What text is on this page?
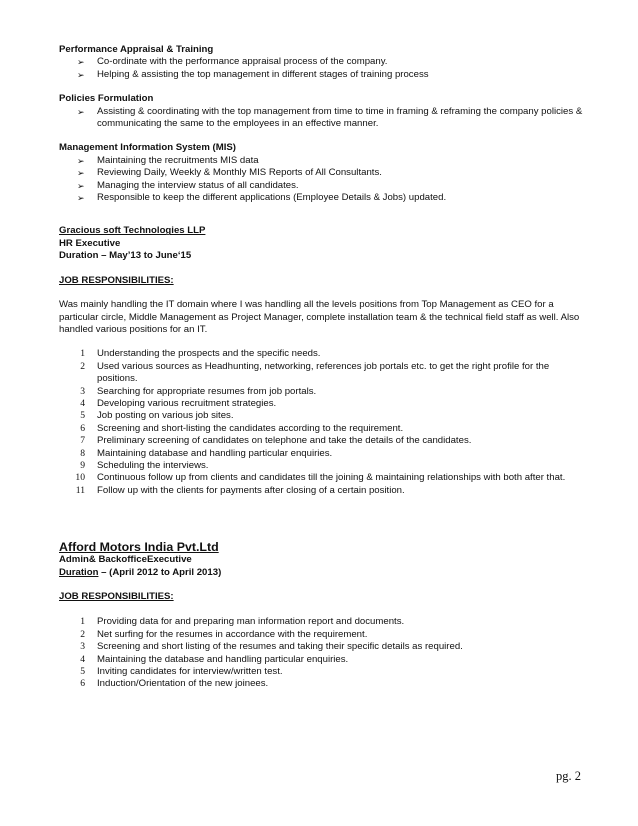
Performance Appraisal & Training
➢ Co-ordinate with the performance appraisal process of the company.
➢ Helping & assisting the top management in different stages of training process
Policies Formulation
➢ Assisting & coordinating with the top management from time to time in framing & reframing the company policies & communicating the same to the employees in an effective manner.
Management Information System (MIS)
➢ Maintaining the recruitments MIS data
➢ Reviewing Daily, Weekly & Monthly MIS Reports of All Consultants.
➢ Managing the interview status of all candidates.
➢ Responsible to keep the different applications (Employee Details & Jobs) updated.
Gracious soft Technologies LLP
HR Executive
Duration – May’13 to June‘15
JOB RESPONSIBILITIES:

Was mainly handling the IT domain where I was handling all the levels positions from Top Management as CEO for a particular circle, Middle Management as Project Manager, complete installation team & the technical field staff as well. Also handled various positions for an IT.

1 Understanding the prospects and the specific needs.
2 Used various sources as Headhunting, networking, references job portals etc. to get the right profile for the positions.
3 Searching for appropriate resumes from job portals.
4 Developing various recruitment strategies.
5 Job posting on various job sites.
6 Screening and short-listing the candidates according to the requirement.
7 Preliminary screening of candidates on telephone and take the details of the candidates.
8 Maintaining database and handling particular enquiries.
9 Scheduling the interviews.
10 Continuous follow up from clients and candidates till the joining & maintaining relationships with both after that.
11 Follow up with the clients for payments after closing of a certain position.
Afford Motors India Pvt.Ltd
Admin& BackofficeExecutive
Duration – (April 2012 to April 2013)
JOB RESPONSIBILITIES:
1 Providing data for and preparing man information report and documents.
2 Net surfing for the resumes in accordance with the requirement.
3 Screening and short listing of the resumes and taking their specific details as required.
4 Maintaining the database and handling particular enquiries.
5 Inviting candidates for interview/written test.
6 Induction/Orientation of the new joinees.
pg. 2
